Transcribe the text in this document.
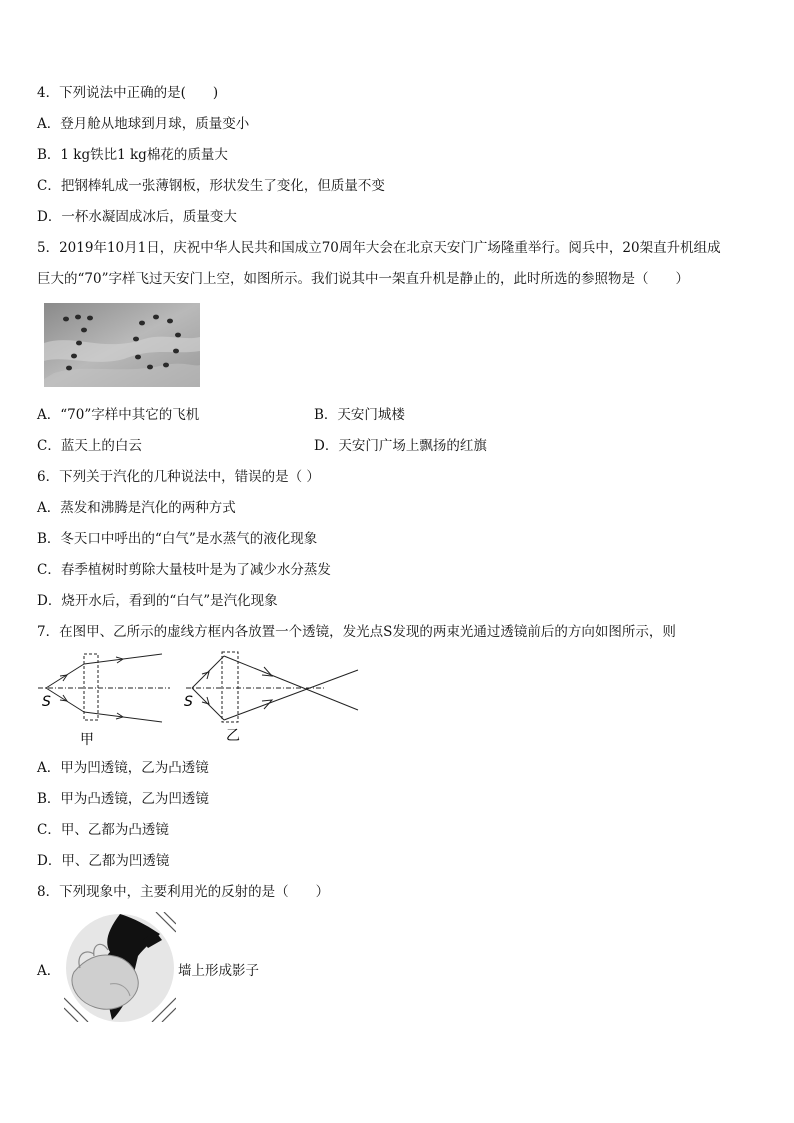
4．下列说法中正确的是(　　)
A．登月舱从地球到月球，质量变小
B．1 kg铁比1 kg棉花的质量大
C．把钢棒轧成一张薄钢板，形状发生了变化，但质量不变
D．一杯水凝固成冰后，质量变大
5．2019年10月1日，庆祝中华人民共和国成立70周年大会在北京天安门广场隆重举行。阅兵中，20架直升机组成
巨大的“70”字样飞过天安门上空，如图所示。我们说其中一架直升机是静止的，此时所选的参照物是（　　）
A．“70”字样中其它的飞机	B．天安门城楼
C．蓝天上的白云	D．天安门广场上飘扬的红旗
6．下列关于汽化的几种说法中，错误的是（ ）
A．蒸发和沸腾是汽化的两种方式
B．冬天口中呼出的“白气”是水蒸气的液化现象
C．春季植树时剪除大量枝叶是为了减少水分蒸发
D．烧开水后，看到的“白气”是汽化现象
7．在图甲、乙所示的虚线方框内各放置一个透镜，发光点S发现的两束光通过透镜前后的方向如图所示，则
S	S
甲	乙
A．甲为凹透镜，乙为凸透镜
B．甲为凸透镜，乙为凹透镜
C．甲、乙都为凸透镜
D．甲、乙都为凹透镜
8．下列现象中，主要利用光的反射的是（　　）
A．	墙上形成影子
